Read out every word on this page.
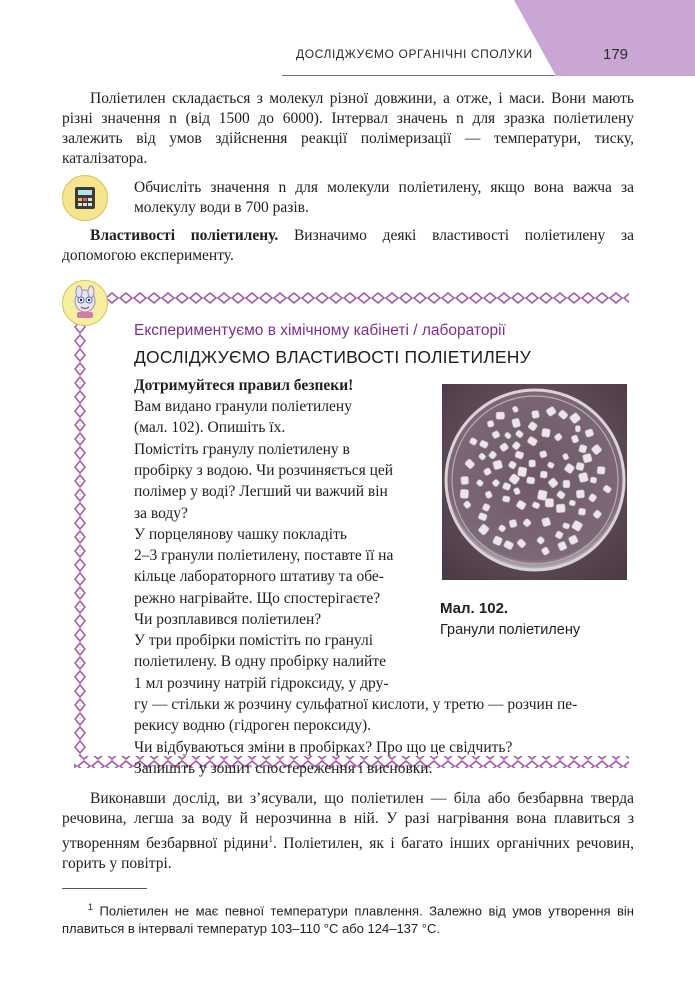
ДОСЛІДЖУЄМО ОРГАНІЧНІ СПОЛУКИ	179

Поліетилен складається з молекул різної довжини, а отже, і маси. Вони мають різні значення n (від 1500 до 6000). Інтервал значень n для зразка поліетилену залежить від умов здійснення реакції полімеризації — температури, тиску, каталізатора.

Обчисліть значення n для молекули поліетилену, якщо вона важча за молекулу води в 700 разів.

Властивості поліетилену. Визначимо деякі властивості поліетилену за допомогою експерименту.

Експериментуємо в хімічному кабінеті / лабораторії
ДОСЛІДЖУЄМО ВЛАСТИВОСТІ ПОЛІЕТИЛЕНУ
Дотримуйтеся правил безпеки!
Вам видано гранули поліетилену
(мал. 102). Опишіть їх.
Помістіть гранулу поліетилену в
пробірку з водою. Чи розчиняється цей
полімер у воді? Легший чи важчий він
за воду?
У порцелянову чашку покладіть
2–3 гранули поліетилену, поставте її на
кільце лабораторного штативу та обе-
режно нагрівайте. Що спостерігаєте?
Чи розплавився поліетилен?
У три пробірки помістіть по гранулі
поліетилену. В одну пробірку налийте
1 мл розчину натрій гідроксиду, у дру-
гу — стільки ж розчину сульфатної кислоти, у третю — розчин пе-
рекису водню (гідроген пероксиду).
Чи відбуваються зміни в пробірках? Про що це свідчить?
Запишіть у зошит спостереження і висновки.
Мал. 102.
Гранули поліетилену

Виконавши дослід, ви з’ясували, що поліетилен — біла або безбарвна тверда речовина, легша за воду й нерозчинна в ній. У разі нагрівання вона плавиться з утворенням безбарвної рідини$^1$. Поліетилен, як і багато інших органічних речовин, горить у повітрі.

$^1$ Поліетилен не має певної температури плавлення. Залежно від умов утворення він плавиться в інтервалі температур 103–110 °С або 124–137 °С.
